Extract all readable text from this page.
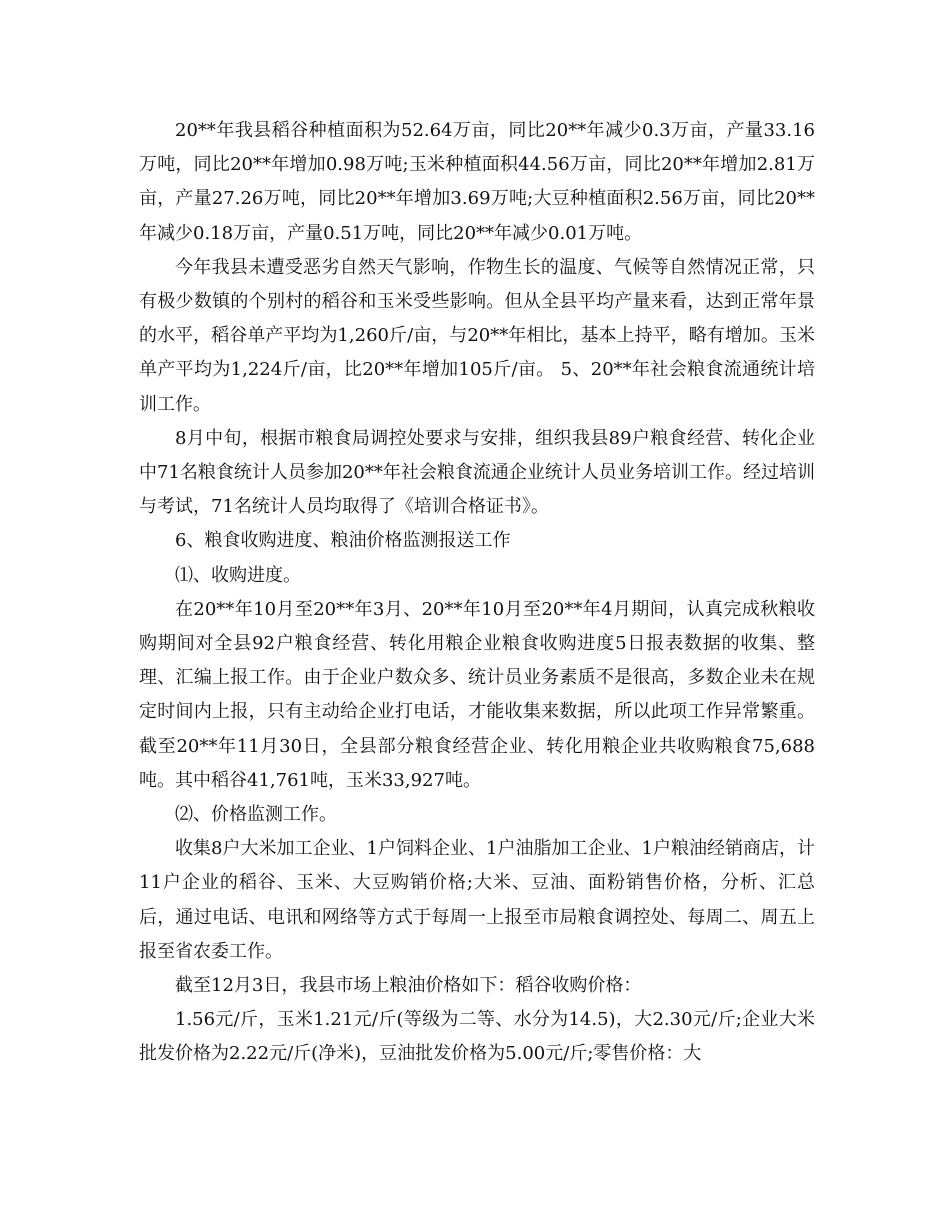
20**年我县稻谷种植面积为52.64万亩，同比20**年减少0.3万亩，产量33.16万吨，同比20**年增加0.98万吨;玉米种植面积44.56万亩，同比20**年增加2.81万亩，产量27.26万吨，同比20**年增加3.69万吨;大豆种植面积2.56万亩，同比20**年减少0.18万亩，产量0.51万吨，同比20**年减少0.01万吨。

今年我县未遭受恶劣自然天气影响，作物生长的温度、气候等自然情况正常，只有极少数镇的个别村的稻谷和玉米受些影响。但从全县平均产量来看，达到正常年景的水平，稻谷单产平均为1,260斤/亩，与20**年相比，基本上持平，略有增加。玉米单产平均为1,224斤/亩，比20**年增加105斤/亩。 5、20**年社会粮食流通统计培训工作。

8月中旬，根据市粮食局调控处要求与安排，组织我县89户粮食经营、转化企业中71名粮食统计人员参加20**年社会粮食流通企业统计人员业务培训工作。经过培训与考试，71名统计人员均取得了《培训合格证书》。

6、粮食收购进度、粮油价格监测报送工作

⑴、收购进度。

在20**年10月至20**年3月、20**年10月至20**年4月期间，认真完成秋粮收购期间对全县92户粮食经营、转化用粮企业粮食收购进度5日报表数据的收集、整理、汇编上报工作。由于企业户数众多、统计员业务素质不是很高，多数企业未在规定时间内上报，只有主动给企业打电话，才能收集来数据，所以此项工作异常繁重。截至20**年11月30日，全县部分粮食经营企业、转化用粮企业共收购粮食75,688吨。其中稻谷41,761吨，玉米33,927吨。

⑵、价格监测工作。

收集8户大米加工企业、1户饲料企业、1户油脂加工企业、1户粮油经销商店，计11户企业的稻谷、玉米、大豆购销价格;大米、豆油、面粉销售价格，分析、汇总后，通过电话、电讯和网络等方式于每周一上报至市局粮食调控处、每周二、周五上报至省农委工作。

截至12月3日，我县市场上粮油价格如下：稻谷收购价格：

1.56元/斤，玉米1.21元/斤(等级为二等、水分为14.5)，大2.30元/斤;企业大米批发价格为2.22元/斤(净米)，豆油批发价格为5.00元/斤;零售价格：大
